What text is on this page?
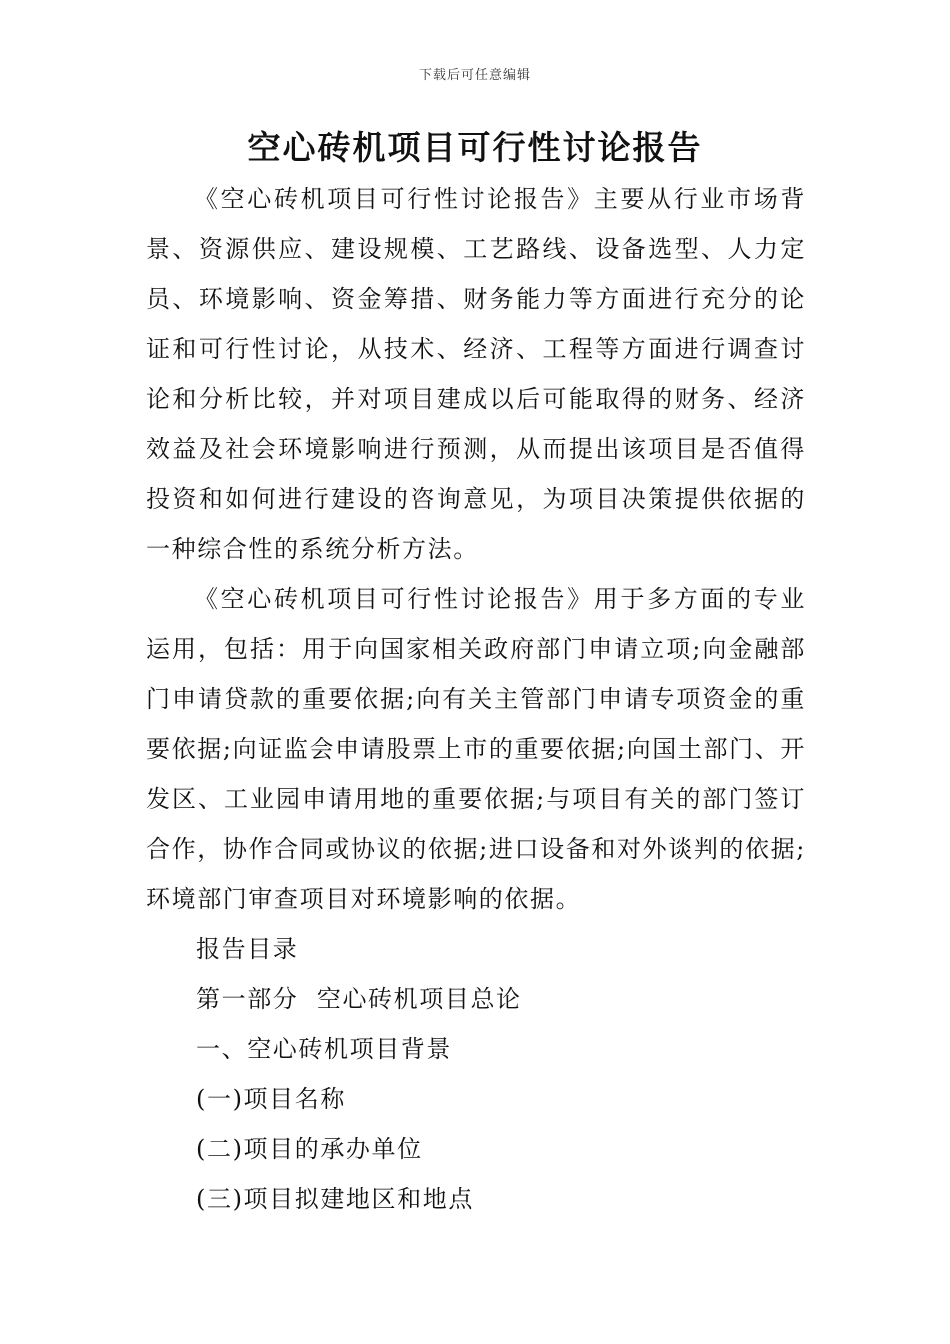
下载后可任意编辑
空心砖机项目可行性讨论报告

《空心砖机项目可行性讨论报告》主要从行业市场背景、资源供应、建设规模、工艺路线、设备选型、人力定员、环境影响、资金筹措、财务能力等方面进行充分的论证和可行性讨论，从技术、经济、工程等方面进行调查讨论和分析比较，并对项目建成以后可能取得的财务、经济效益及社会环境影响进行预测，从而提出该项目是否值得投资和如何进行建设的咨询意见，为项目决策提供依据的一种综合性的系统分析方法。

《空心砖机项目可行性讨论报告》用于多方面的专业运用，包括：用于向国家相关政府部门申请立项;向金融部门申请贷款的重要依据;向有关主管部门申请专项资金的重要依据;向证监会申请股票上市的重要依据;向国土部门、开发区、工业园申请用地的重要依据;与项目有关的部门签订合作，协作合同或协议的依据;进口设备和对外谈判的依据;环境部门审查项目对环境影响的依据。

报告目录

第一部分  空心砖机项目总论

一、空心砖机项目背景

(一)项目名称

(二)项目的承办单位

(三)项目拟建地区和地点
